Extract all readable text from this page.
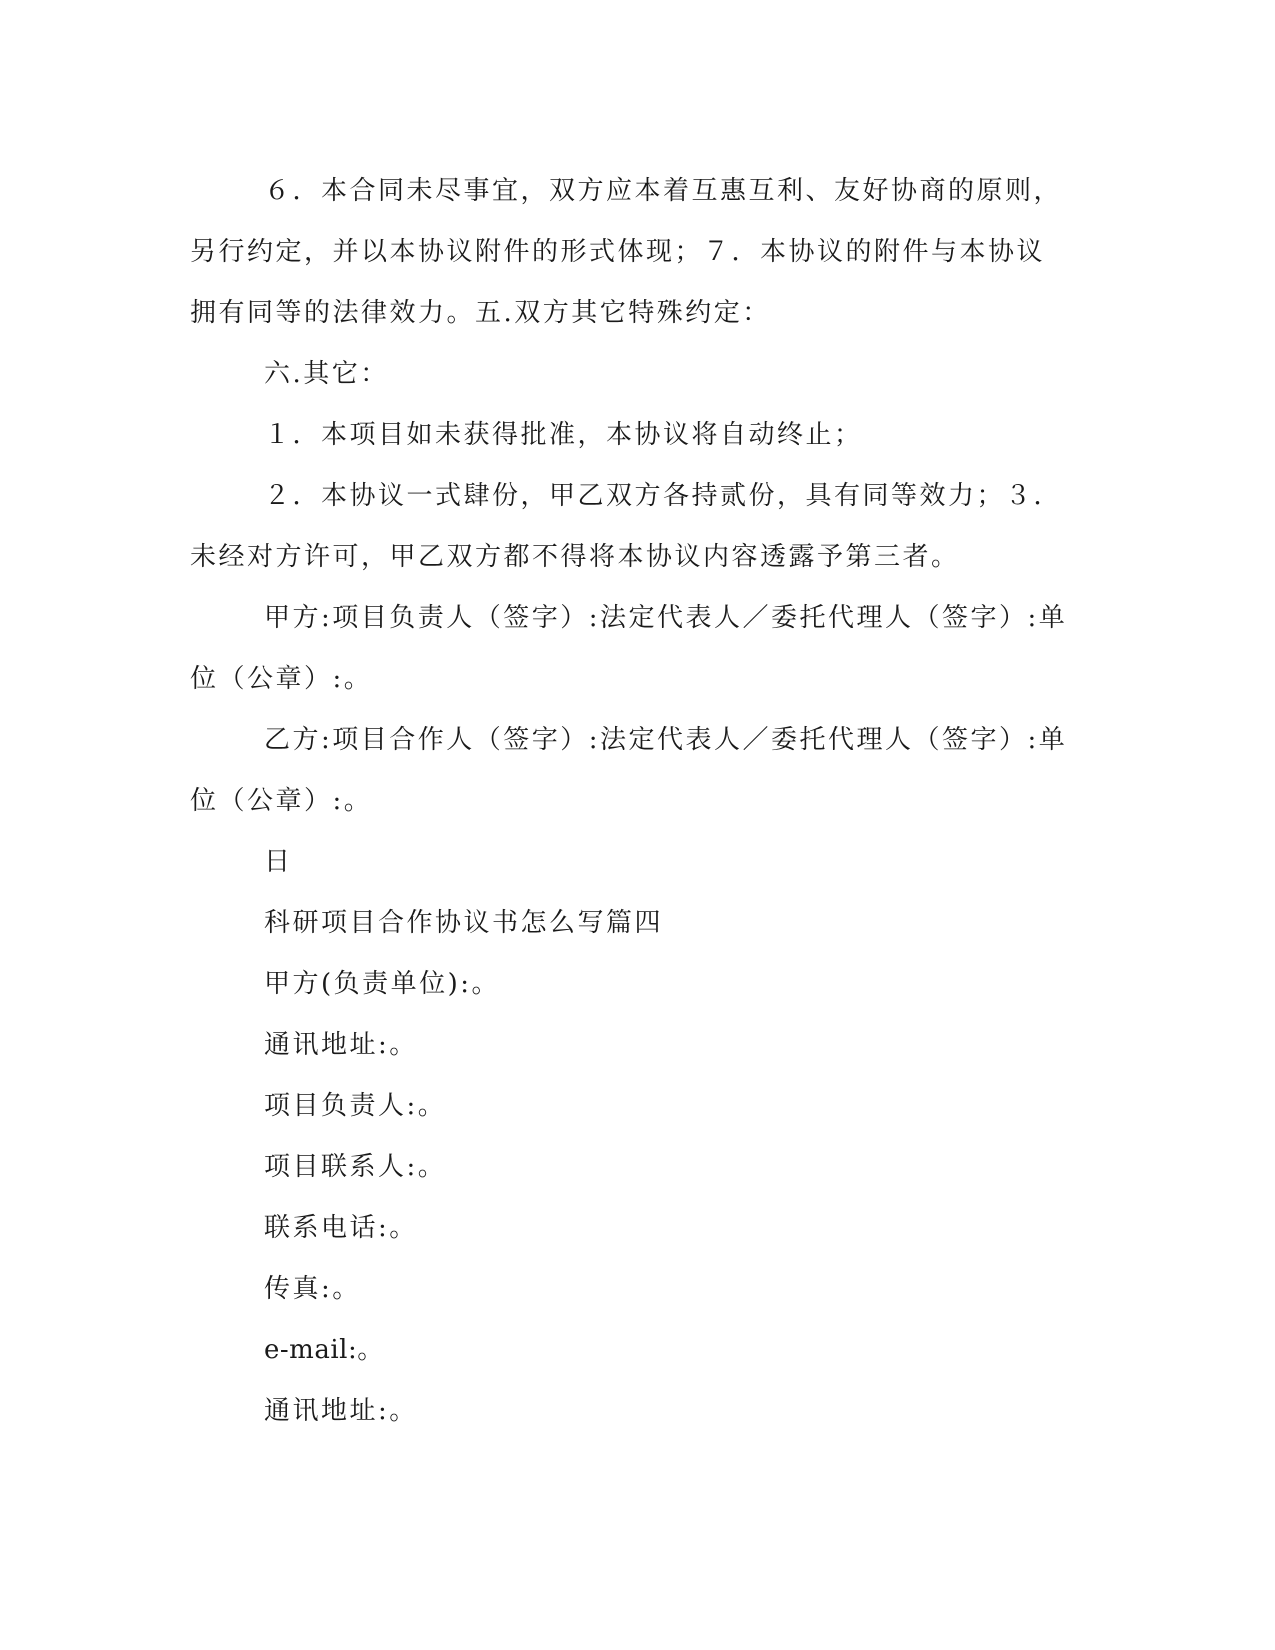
６．本合同未尽事宜，双方应本着互惠互利、友好协商的原则，另行约定，并以本协议附件的形式体现；７．本协议的附件与本协议拥有同等的法律效力。五.双方其它特殊约定：

六.其它：

１．本项目如未获得批准，本协议将自动终止；

２．本协议一式肆份，甲乙双方各持贰份，具有同等效力；３．未经对方许可，甲乙双方都不得将本协议内容透露予第三者。

甲方:项目负责人（签字）:法定代表人／委托代理人（签字）:单位（公章）:。

乙方:项目合作人（签字）:法定代表人／委托代理人（签字）:单位（公章）:。

日

科研项目合作协议书怎么写篇四

甲方(负责单位):。

通讯地址:。

项目负责人:。

项目联系人:。

联系电话:。

传真:。

e-mail:。

通讯地址:。
